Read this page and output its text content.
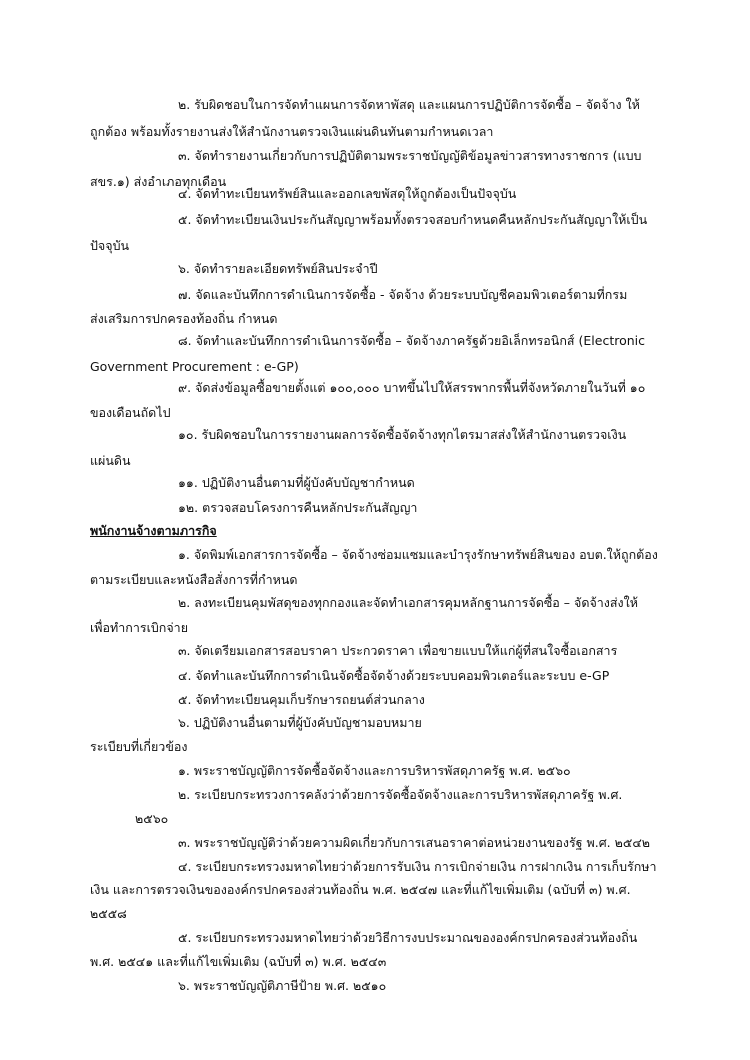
๒. รับผิดชอบในการจัดทำแผนการจัดหาพัสดุ และแผนการปฏิบัติการจัดซื้อ – จัดจ้าง ให้

ถูกต้อง พร้อมทั้งรายงานส่งให้สำนักงานตรวจเงินแผ่นดินทันตามกำหนดเวลา

๓. จัดทำรายงานเกี่ยวกับการปฏิบัติตามพระราชบัญญัติข้อมูลข่าวสารทางราชการ (แบบ

สขร.๑) ส่งอำเภอทุกเดือน

๔. จัดทำทะเบียนทรัพย์สินและออกเลขพัสดุให้ถูกต้องเป็นปัจจุบัน

๕. จัดทำทะเบียนเงินประกันสัญญาพร้อมทั้งตรวจสอบกำหนดคืนหลักประกันสัญญาให้เป็น

ปัจจุบัน

๖. จัดทำรายละเอียดทรัพย์สินประจำปี

๗. จัดและบันทึกการดำเนินการจัดซื้อ - จัดจ้าง ด้วยระบบบัญชีคอมพิวเตอร์ตามที่กรม

ส่งเสริมการปกครองท้องถิ่น กำหนด

๘. จัดทำและบันทึกการดำเนินการจัดซื้อ – จัดจ้างภาครัฐด้วยอิเล็กทรอนิกส์ (Electronic

Government Procurement : e-GP)

๙. จัดส่งข้อมูลซื้อขายตั้งแต่ ๑๐๐,๐๐๐ บาทขึ้นไปให้สรรพากรพื้นที่จังหวัดภายในวันที่ ๑๐

ของเดือนถัดไป

๑๐. รับผิดชอบในการรายงานผลการจัดซื้อจัดจ้างทุกไตรมาสส่งให้สำนักงานตรวจเงิน

แผ่นดิน

๑๑. ปฏิบัติงานอื่นตามที่ผู้บังคับบัญชากำหนด

๑๒. ตรวจสอบโครงการคืนหลักประกันสัญญา

พนักงานจ้างตามภารกิจ

๑. จัดพิมพ์เอกสารการจัดซื้อ – จัดจ้างซ่อมแซมและบำรุงรักษาทรัพย์สินของ อบต.ให้ถูกต้อง

ตามระเบียบและหนังสือสั่งการที่กำหนด

๒. ลงทะเบียนคุมพัสดุของทุกกองและจัดทำเอกสารคุมหลักฐานการจัดซื้อ – จัดจ้างส่งให้

เพื่อทำการเบิกจ่าย

๓. จัดเตรียมเอกสารสอบราคา ประกวดราคา เพื่อขายแบบให้แก่ผู้ที่สนใจซื้อเอกสาร

๔. จัดทำและบันทึกการดำเนินจัดซื้อจัดจ้างด้วยระบบคอมพิวเตอร์และระบบ e-GP

๕. จัดทำทะเบียนคุมเก็บรักษารถยนต์ส่วนกลาง

๖. ปฏิบัติงานอื่นตามที่ผู้บังคับบัญชามอบหมาย

ระเบียบที่เกี่ยวข้อง

๑. พระราชบัญญัติการจัดซื้อจัดจ้างและการบริหารพัสดุภาครัฐ พ.ศ. ๒๕๖๐

๒. ระเบียบกระทรวงการคลังว่าด้วยการจัดซื้อจัดจ้างและการบริหารพัสดุภาครัฐ พ.ศ.

๒๕๖๐

๓. พระราชบัญญัติว่าด้วยความผิดเกี่ยวกับการเสนอราคาต่อหน่วยงานของรัฐ พ.ศ. ๒๕๔๒

๔. ระเบียบกระทรวงมหาดไทยว่าด้วยการรับเงิน การเบิกจ่ายเงิน การฝากเงิน การเก็บรักษา

เงิน และการตรวจเงินขององค์กรปกครองส่วนท้องถิ่น พ.ศ. ๒๕๔๗ และที่แก้ไขเพิ่มเติม (ฉบับที่ ๓) พ.ศ.

๒๕๕๘

๕. ระเบียบกระทรวงมหาดไทยว่าด้วยวิธีการงบประมาณขององค์กรปกครองส่วนท้องถิ่น

พ.ศ. ๒๕๔๑ และที่แก้ไขเพิ่มเติม (ฉบับที่ ๓) พ.ศ. ๒๕๔๓

๖. พระราชบัญญัติภาษีป้าย พ.ศ. ๒๕๑๐
